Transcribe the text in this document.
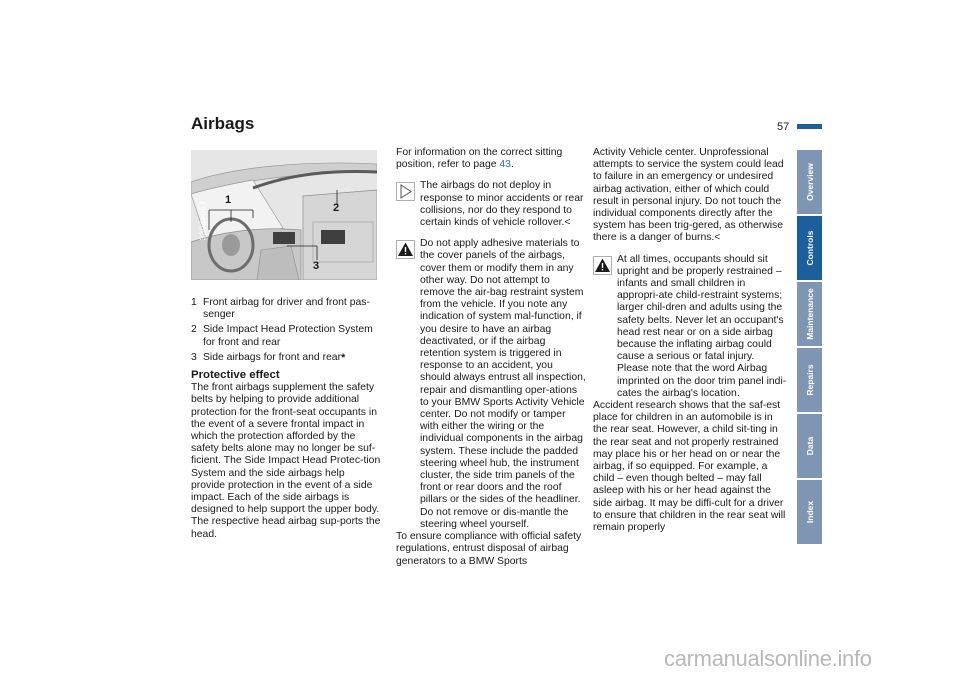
Airbags	57
1
2
3
330de053
1 Front airbag for driver and front pas-senger
2 Side Impact Head Protection System for front and rear
3 Side airbags for front and rear*

Protective effect

The front airbags supplement the safety belts by helping to provide additional protection for the front-seat occupants in the event of a severe frontal impact in which the protection afforded by the safety belts alone may no longer be suf-ficient. The Side Impact Head Protec-tion System and the side airbags help provide protection in the event of a side impact. Each of the side airbags is designed to help support the upper body. The respective head airbag sup-ports the head.

For information on the correct sitting position, refer to page 43.

The airbags do not deploy in response to minor accidents or rear collisions, nor do they respond to certain kinds of vehicle rollover.<

Do not apply adhesive materials to the cover panels of the airbags, cover them or modify them in any other way. Do not attempt to remove the air-bag restraint system from the vehicle. If you note any indication of system mal-function, if you desire to have an airbag deactivated, or if the airbag retention system is triggered in response to an accident, you should always entrust all inspection, repair and dismantling oper-ations to your BMW Sports Activity Vehicle center. Do not modify or tamper with either the wiring or the individual components in the airbag system. These include the padded steering wheel hub, the instrument cluster, the side trim panels of the front or rear doors and the roof pillars or the sides of the headliner. Do not remove or dis-mantle the steering wheel yourself.

To ensure compliance with official safety regulations, entrust disposal of airbag generators to a BMW Sports

Activity Vehicle center. Unprofessional attempts to service the system could lead to failure in an emergency or undesired airbag activation, either of which could result in personal injury. Do not touch the individual components directly after the system has been trig-gered, as otherwise there is a danger of burns.<

At all times, occupants should sit upright and be properly restrained – infants and small children in appropri-ate child-restraint systems; larger chil-dren and adults using the safety belts. Never let an occupant's head rest near or on a side airbag because the inflating airbag could cause a serious or fatal injury. Please note that the word Airbag imprinted on the door trim panel indi-cates the airbag's location.

Accident research shows that the saf-est place for children in an automobile is in the rear seat. However, a child sit-ting in the rear seat and not properly restrained may place his or her head on or near the airbag, if so equipped. For example, a child – even though belted – may fall asleep with his or her head against the side airbag. It may be diffi-cult for a driver to ensure that children in the rear seat will remain properly

Overview
Controls
Maintenance
Repairs
Data
Index
carmanualsonline.info
